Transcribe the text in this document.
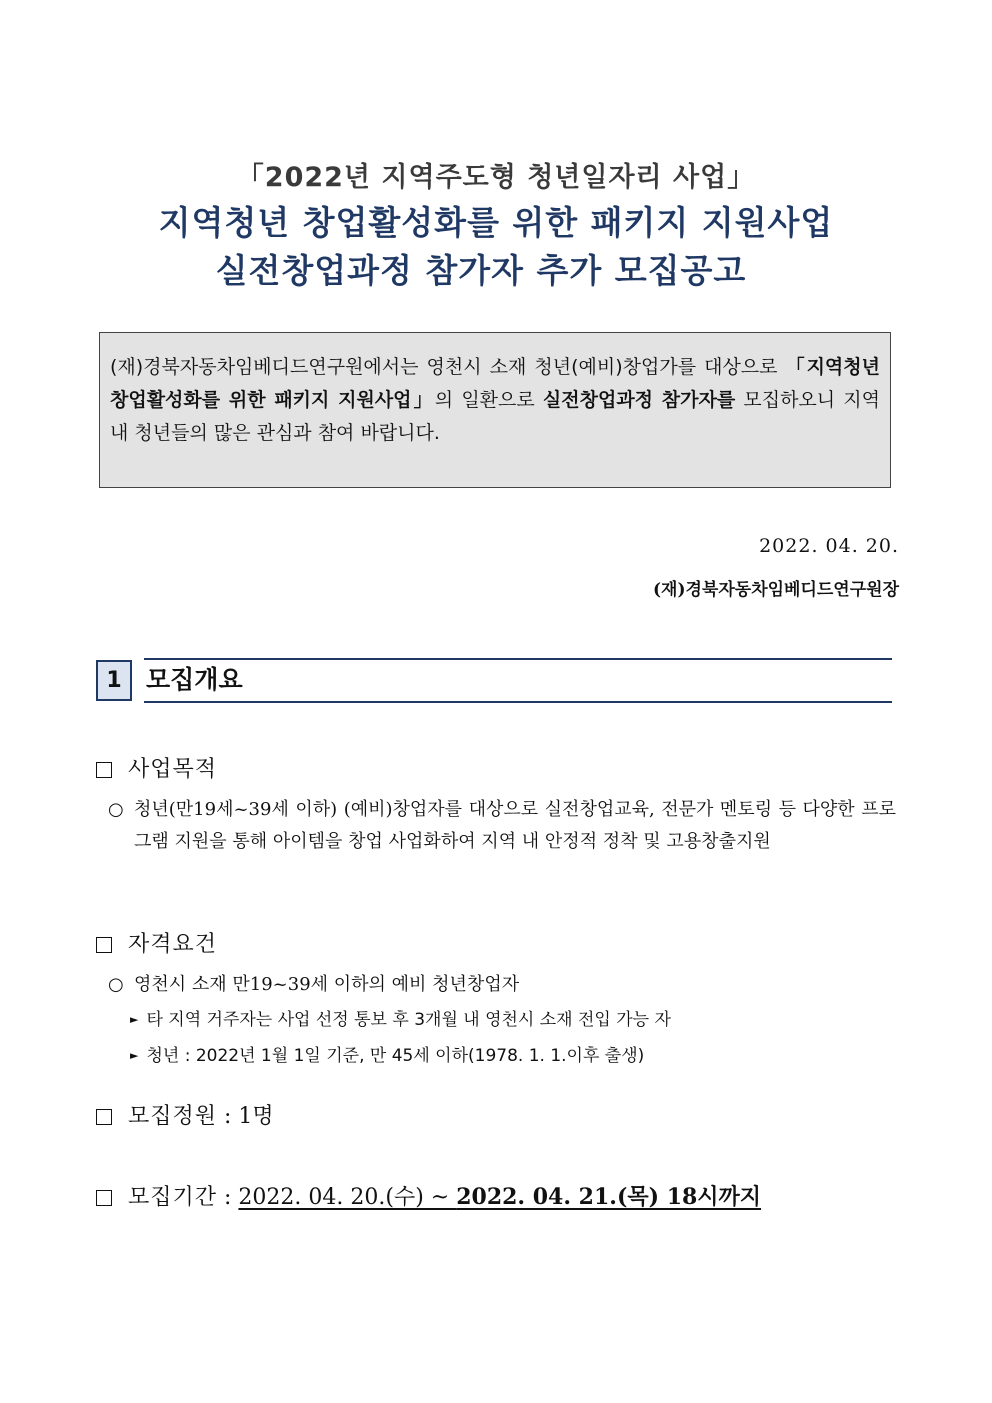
「2022년 지역주도형 청년일자리 사업」
지역청년 창업활성화를 위한 패키지 지원사업
실전창업과정 참가자 추가 모집공고
(재)경북자동차임베디드연구원에서는 영천시 소재 청년(예비)창업가를 대상으로 「지역청년 창업활성화를 위한 패키지 지원사업」의 일환으로 실전창업과정 참가자를 모집하오니 지역 내 청년들의 많은 관심과 참여 바랍니다.
2022. 04. 20.
(재)경북자동차임베디드연구원장
1 모집개요
사업목적
○ 청년(만19세~39세 이하) (예비)창업자를 대상으로 실전창업교육, 전문가 멘토링 등 다양한 프로그램 지원을 통해 아이템을 창업 사업화하여 지역 내 안정적 정착 및 고용창출지원
자격요건
○ 영천시 소재 만19~39세 이하의 예비 청년창업자
► 타 지역 거주자는 사업 선정 통보 후 3개월 내 영천시 소재 전입 가능 자
► 청년 : 2022년 1월 1일 기준, 만 45세 이하(1978. 1. 1.이후 출생)
모집정원 : 1명
모집기간 : 2022. 04. 20.(수) ~ 2022. 04. 21.(목) 18시까지
